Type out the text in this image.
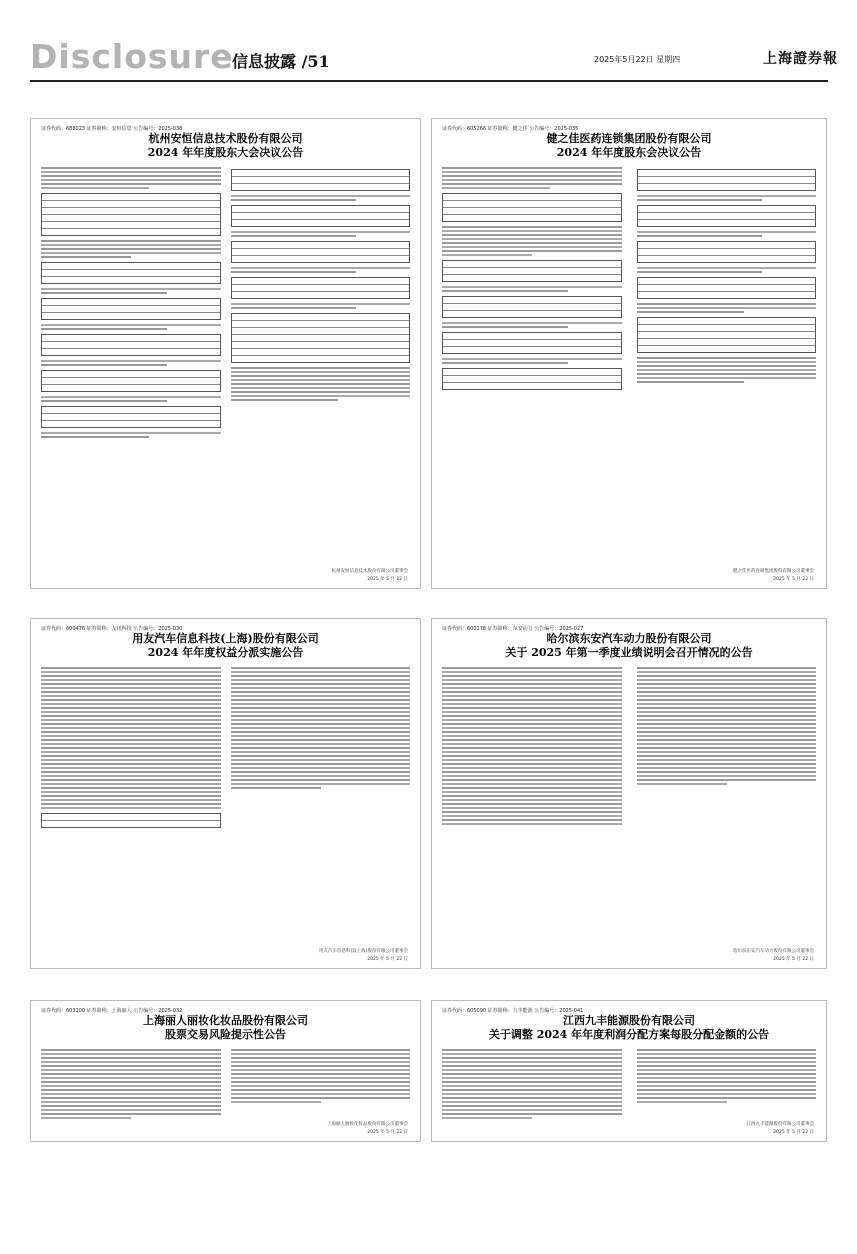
Disclosure
信息披露 /51	2025年5月22日 星期四	上海證券報
证券代码：688023 证券简称：安恒信息 公告编号：2025-038
杭州安恒信息技术股份有限公司
2024 年年度股东大会决议公告
杭州安恒信息技术股份有限公司董事会
2025 年 5 月 22 日
证券代码：605266 证券简称：健之佳 公告编号：2025-035
健之佳医药连锁集团股份有限公司
2024 年年度股东会决议公告
健之佳医药连锁集团股份有限公司董事会
2025 年 5 月 22 日
证券代码：600476 证券简称：友讯科技 公告编号：2025-030
用友汽车信息科技(上海)股份有限公司
2024 年年度权益分派实施公告
用友汽车信息科技(上海)股份有限公司董事会
2025 年 5 月 22 日
证券代码：600178 证券简称：东安动力 公告编号：2025-027
哈尔滨东安汽车动力股份有限公司
关于 2025 年第一季度业绩说明会召开情况的公告
哈尔滨东安汽车动力股份有限公司董事会
2025 年 5 月 22 日
证券代码：603100 证券简称：上海丽人 公告编号：2025-032
上海丽人丽妆化妆品股份有限公司
股票交易风险提示性公告
上海丽人丽妆化妆品股份有限公司董事会
2025 年 5 月 22 日
证券代码：605090 证券简称：九丰能源 公告编号：2025-041
江西九丰能源股份有限公司
关于调整 2024 年年度利润分配方案每股分配金额的公告
江西九丰能源股份有限公司董事会
2025 年 5 月 22 日
